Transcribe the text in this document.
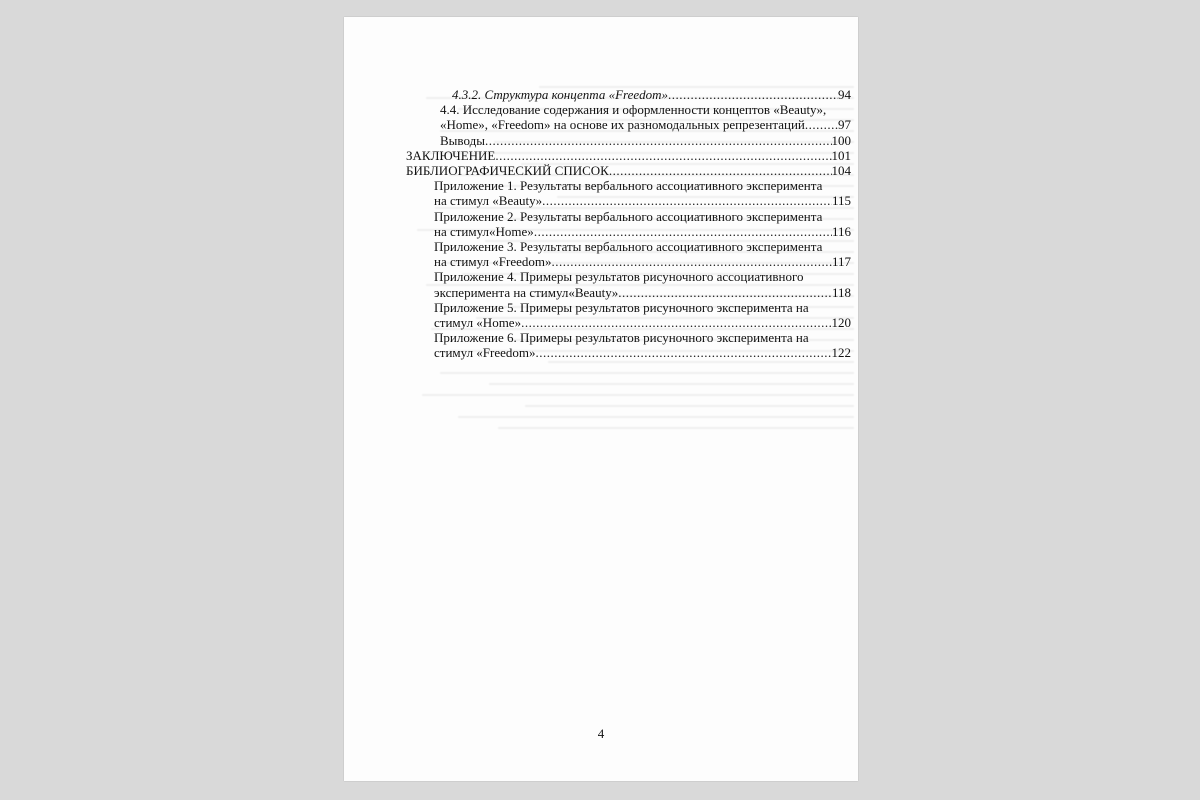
4.3.2. Структура концепта «Freedom» .....	94
4.4. Исследование содержания и оформленности концептов «Beauty»,
«Home», «Freedom» на основе их разномодальных репрезентаций .....	97
Выводы .....	100
ЗАКЛЮЧЕНИЕ .....	101
БИБЛИОГРАФИЧЕСКИЙ СПИСОК .....	104
Приложение 1. Результаты вербального ассоциативного эксперимента
на стимул «Beauty» .....	115
Приложение 2. Результаты вербального ассоциативного эксперимента
на стимул«Home» .....	116
Приложение 3. Результаты вербального ассоциативного эксперимента
на стимул «Freedom» .....	117
Приложение 4. Примеры результатов рисуночного ассоциативного
эксперимента на стимул«Beauty» .....	118
Приложение 5. Примеры результатов рисуночного эксперимента на
стимул «Home» .....	120
Приложение 6. Примеры результатов рисуночного эксперимента на
стимул «Freedom» .....	122
4
